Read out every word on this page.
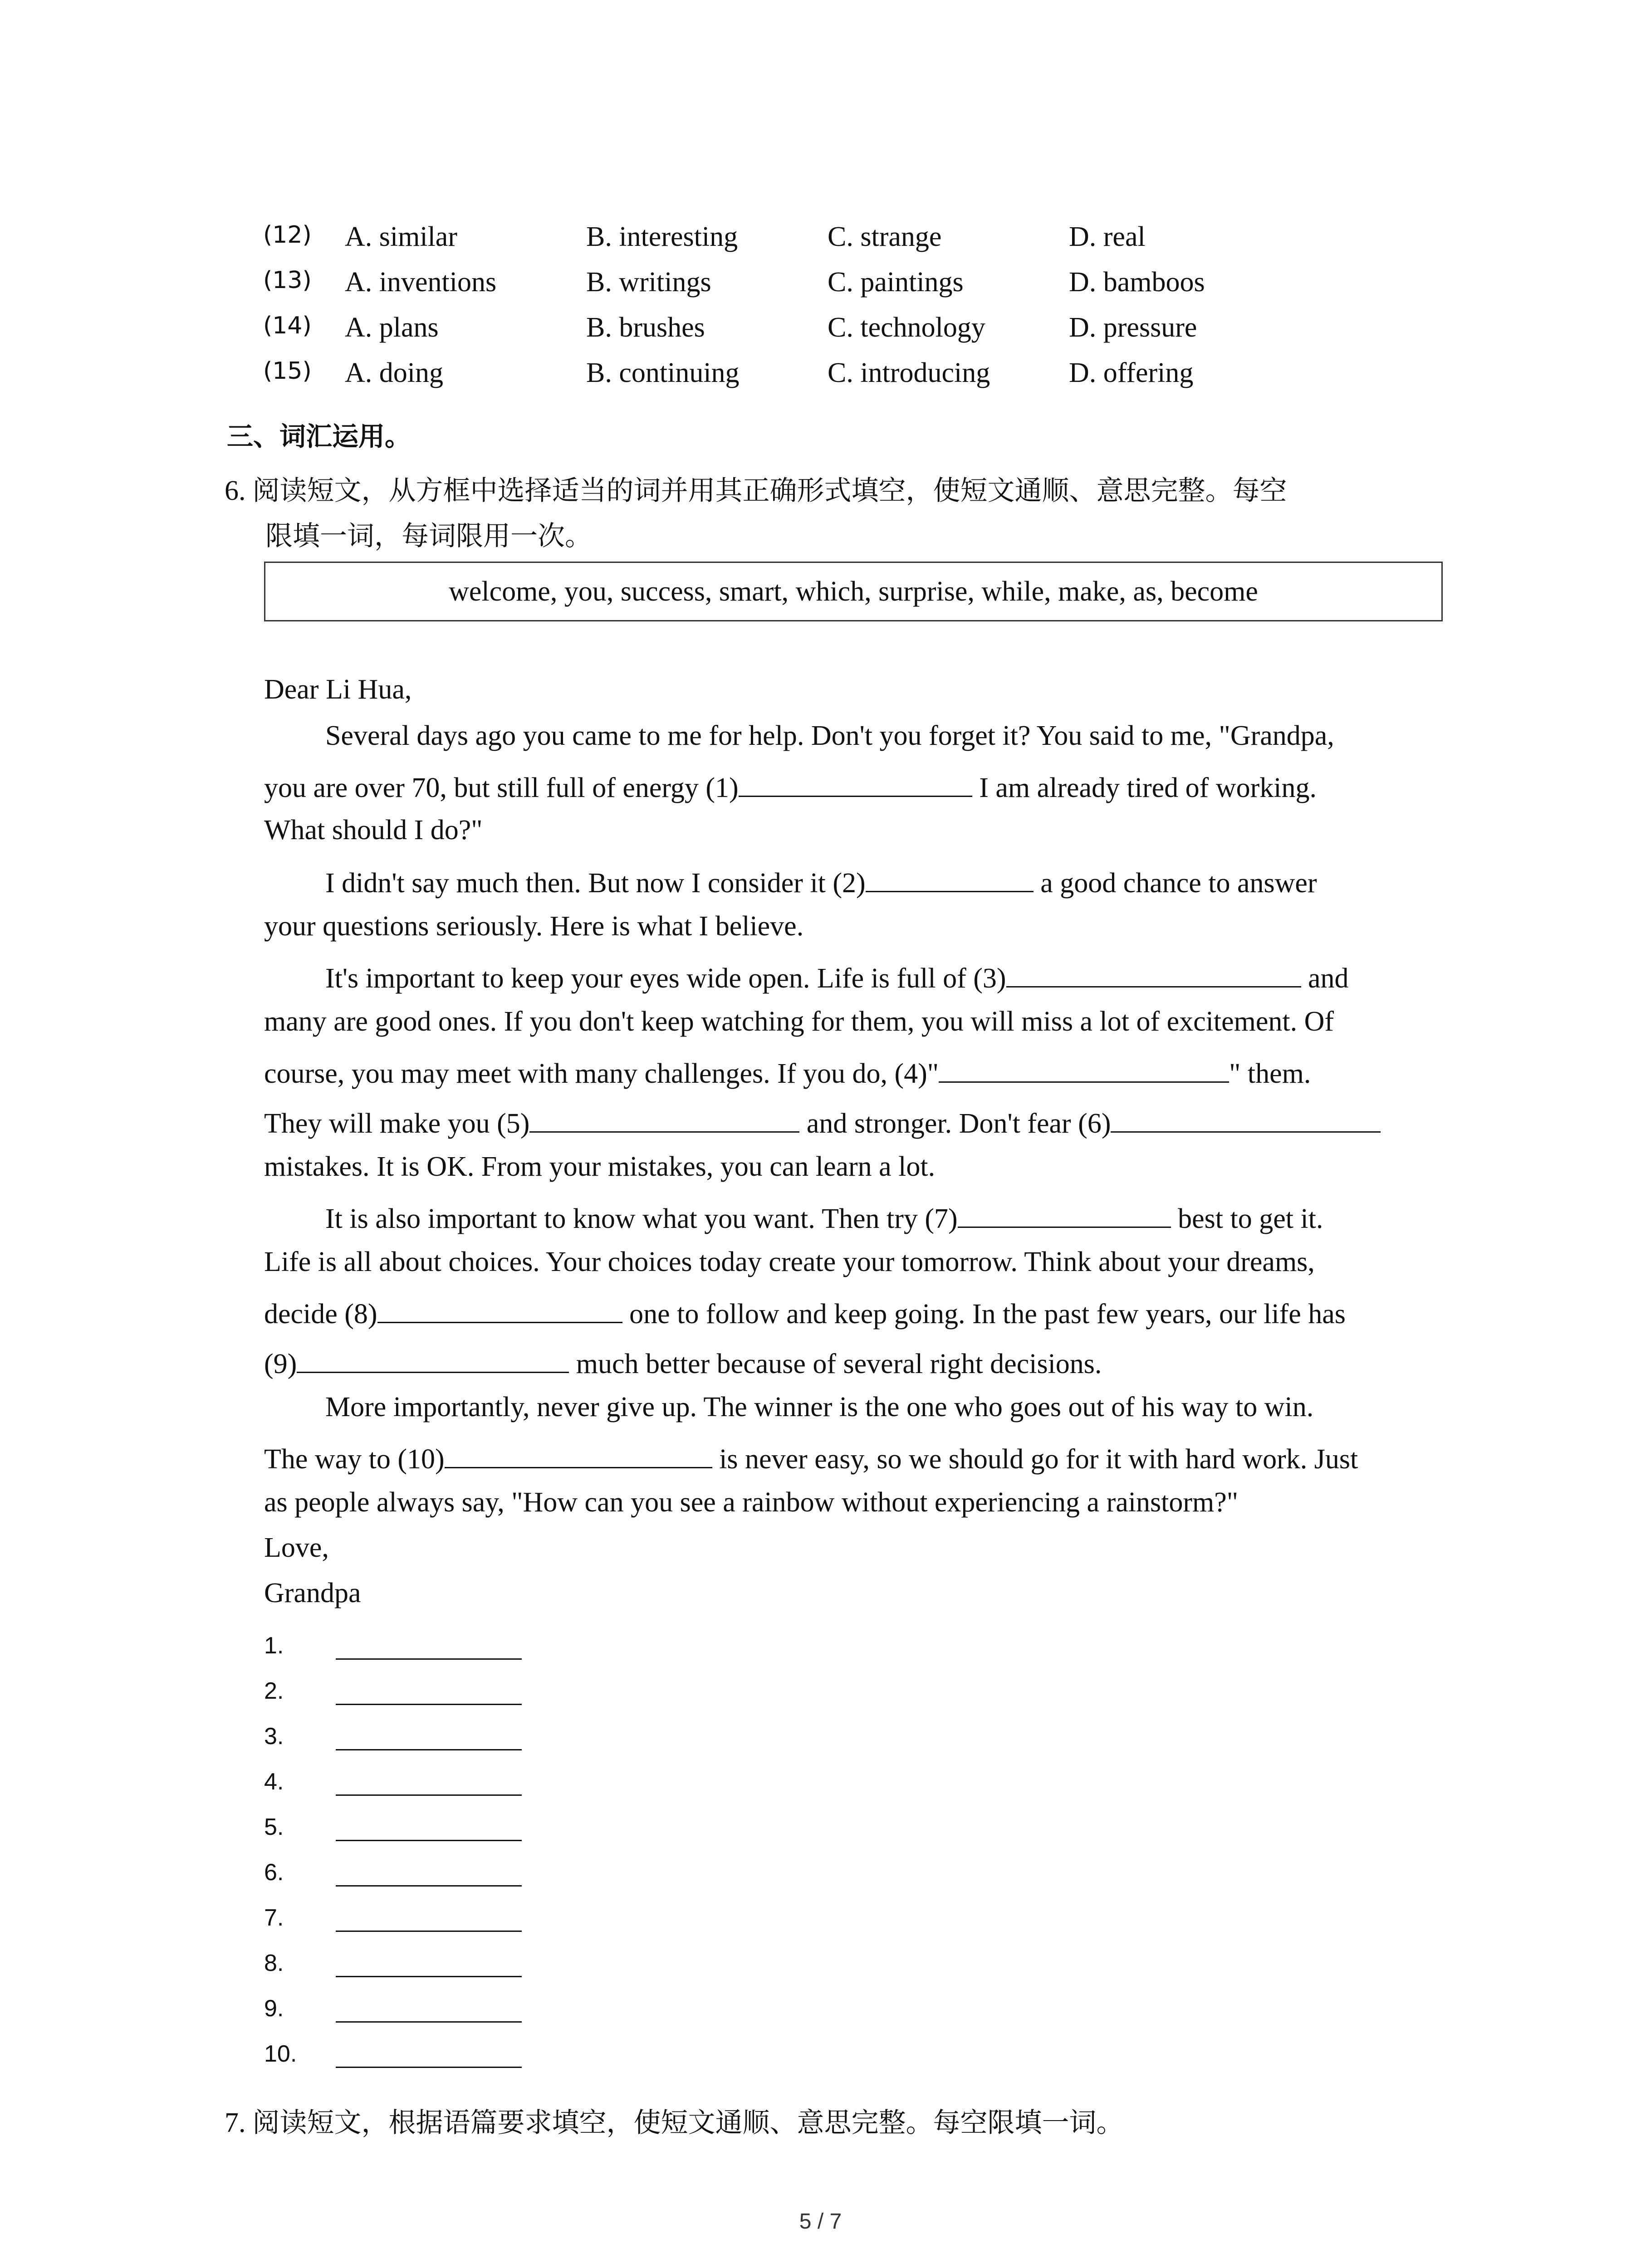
(12) A. similar	B. interesting	C. strange	D. real
(13) A. inventions	B. writings	C. paintings	D. bamboos
(14) A. plans	B. brushes	C. technology	D. pressure
(15) A. doing	B. continuing	C. introducing	D. offering
三、词汇运用。
6. 阅读短文，从方框中选择适当的词并用其正确形式填空，使短文通顺、意思完整。每空
限填一词，每词限用一次。
welcome, you, success, smart, which, surprise, while, make, as, become
Dear Li Hua,
Several days ago you came to me for help. Don't you forget it? You said to me, "Grandpa,
you are over 70, but still full of energy (1)	I am already tired of working.
What should I do?"
I didn't say much then. But now I consider it (2)	a good chance to answer
your questions seriously. Here is what I believe.
It's important to keep your eyes wide open. Life is full of (3)	and
many are good ones. If you don't keep watching for them, you will miss a lot of excitement. Of
course, you may meet with many challenges. If you do, (4)"	" them.
They will make you (5)	and stronger. Don't fear (6)
mistakes. It is OK. From your mistakes, you can learn a lot.
It is also important to know what you want. Then try (7)	best to get it.
Life is all about choices. Your choices today create your tomorrow. Think about your dreams,
decide (8)	one to follow and keep going. In the past few years, our life has
(9)	much better because of several right decisions.
More importantly, never give up. The winner is the one who goes out of his way to win.
The way to (10)	is never easy, so we should go for it with hard work. Just
as people always say, "How can you see a rainbow without experiencing a rainstorm?"
Love,
Grandpa
1.
2.
3.
4.
5.
6.
7.
8.
9.
10.
7. 阅读短文，根据语篇要求填空，使短文通顺、意思完整。每空限填一词。
5 / 7
